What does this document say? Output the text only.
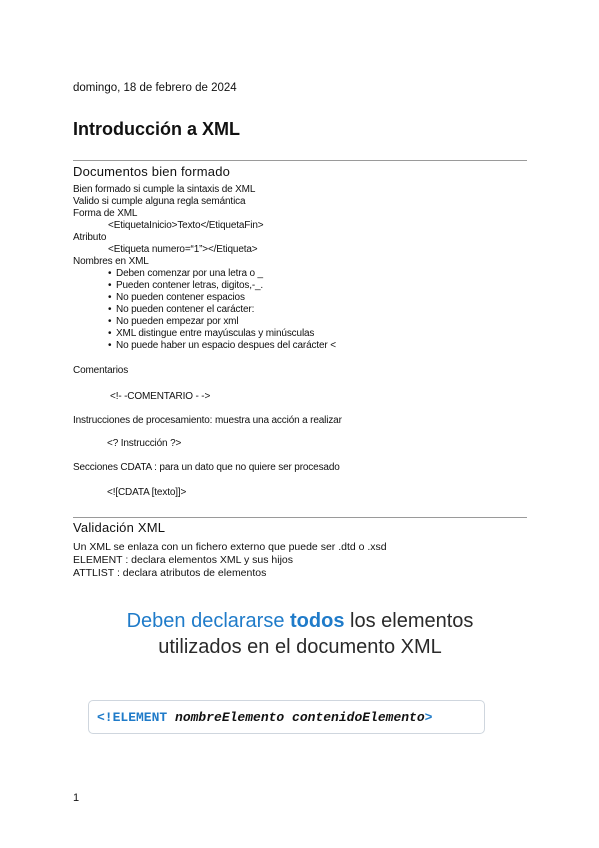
domingo, 18 de febrero de 2024
Introducción a XML
Documentos bien formado
Bien formado si cumple la sintaxis de XML
Valido si cumple alguna regla semántica
Forma de XML
<EtiquetaInicio>Texto</EtiquetaFin>
Atributo
<Etiqueta numero=“1”></Etiqueta>
Nombres en XML
• Deben comenzar por una letra o _
• Pueden contener letras, digitos,-_.
• No pueden contener espacios
• No pueden contener el carácter:
• No pueden empezar por xml
• XML distingue entre mayúsculas y minúsculas
• No puede haber un espacio despues del carácter <
Comentarios
<!- -COMENTARIO - ->
Instrucciones de procesamiento: muestra una acción a realizar
<? Instrucción ?>
Secciones CDATA : para un dato que no quiere ser procesado
<![CDATA [texto]]>
Validación XML
Un XML se enlaza con un fichero externo que puede ser .dtd o .xsd
ELEMENT : declara elementos XML y sus hijos
ATTLIST : declara atributos de elementos
Deben declararse todos los elementos
utilizados en el documento XML
<!ELEMENT nombreElemento contenidoElemento>
1
